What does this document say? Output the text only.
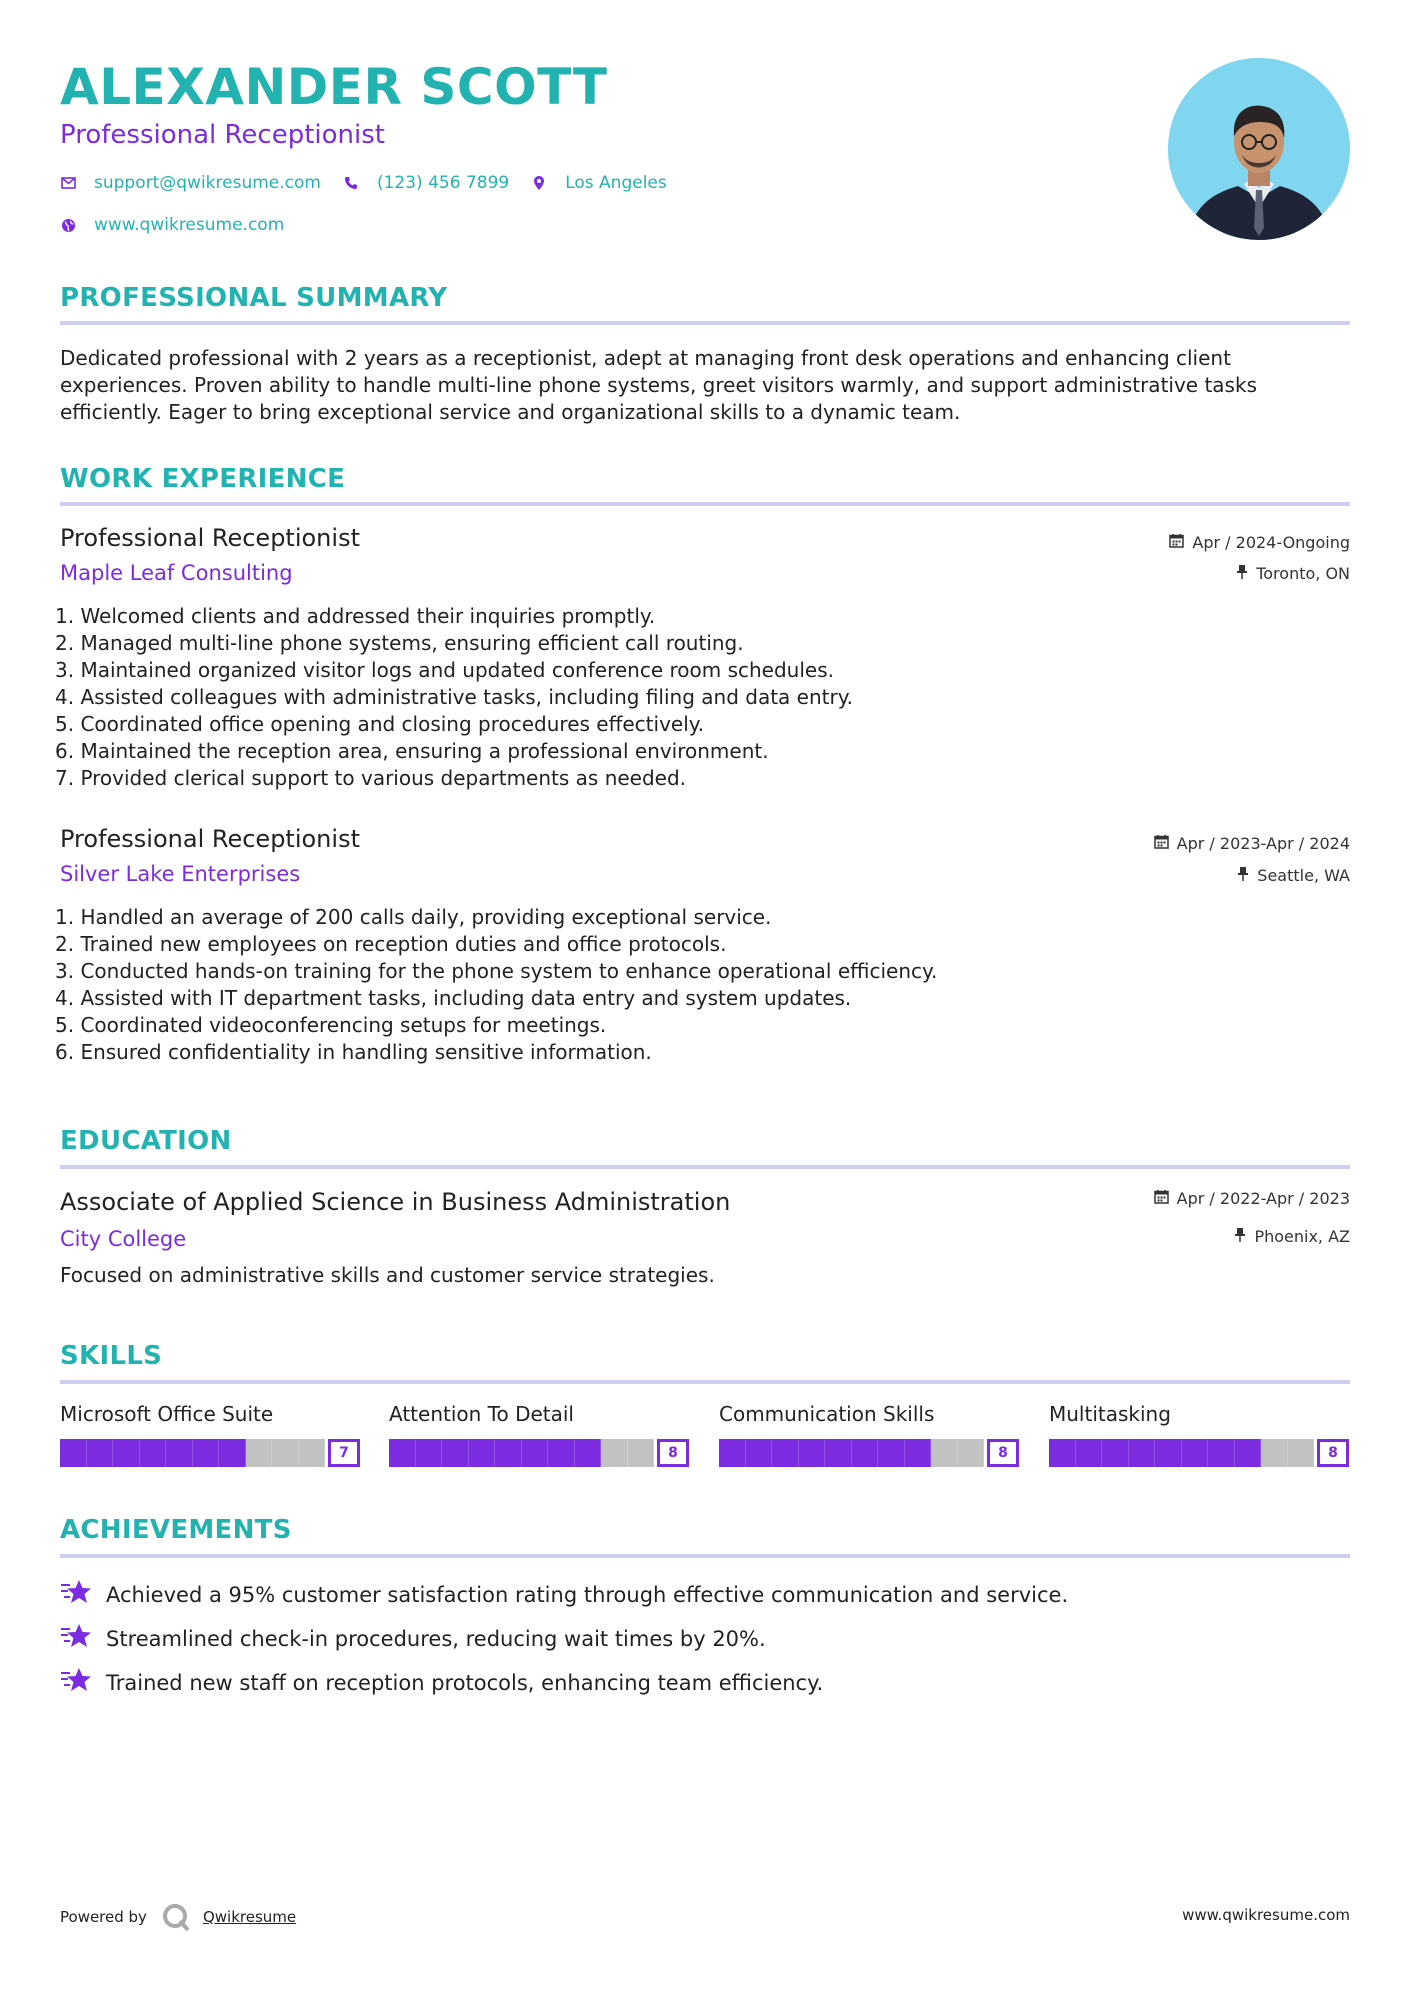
ALEXANDER SCOTT
Professional Receptionist
support@qwikresume.com	(123) 456 7899	Los Angeles
www.qwikresume.com
PROFESSIONAL SUMMARY
Dedicated professional with 2 years as a receptionist, adept at managing front desk operations and enhancing client experiences. Proven ability to handle multi-line phone systems, greet visitors warmly, and support administrative tasks efficiently. Eager to bring exceptional service and organizational skills to a dynamic team.
WORK EXPERIENCE
Professional Receptionist
Maple Leaf Consulting
Apr / 2024-Ongoing
Toronto, ON
1. Welcomed clients and addressed their inquiries promptly.
2. Managed multi-line phone systems, ensuring efficient call routing.
3. Maintained organized visitor logs and updated conference room schedules.
4. Assisted colleagues with administrative tasks, including filing and data entry.
5. Coordinated office opening and closing procedures effectively.
6. Maintained the reception area, ensuring a professional environment.
7. Provided clerical support to various departments as needed.
Professional Receptionist
Silver Lake Enterprises
Apr / 2023-Apr / 2024
Seattle, WA
1. Handled an average of 200 calls daily, providing exceptional service.
2. Trained new employees on reception duties and office protocols.
3. Conducted hands-on training for the phone system to enhance operational efficiency.
4. Assisted with IT department tasks, including data entry and system updates.
5. Coordinated videoconferencing setups for meetings.
6. Ensured confidentiality in handling sensitive information.
EDUCATION
Associate of Applied Science in Business Administration
City College
Apr / 2022-Apr / 2023
Phoenix, AZ
Focused on administrative skills and customer service strategies.
SKILLS
Microsoft Office Suite
7
Attention To Detail
8
Communication Skills
8
Multitasking
8
ACHIEVEMENTS
Achieved a 95% customer satisfaction rating through effective communication and service.
Streamlined check-in procedures, reducing wait times by 20%.
Trained new staff on reception protocols, enhancing team efficiency.
Powered by	Qwikresume	www.qwikresume.com
